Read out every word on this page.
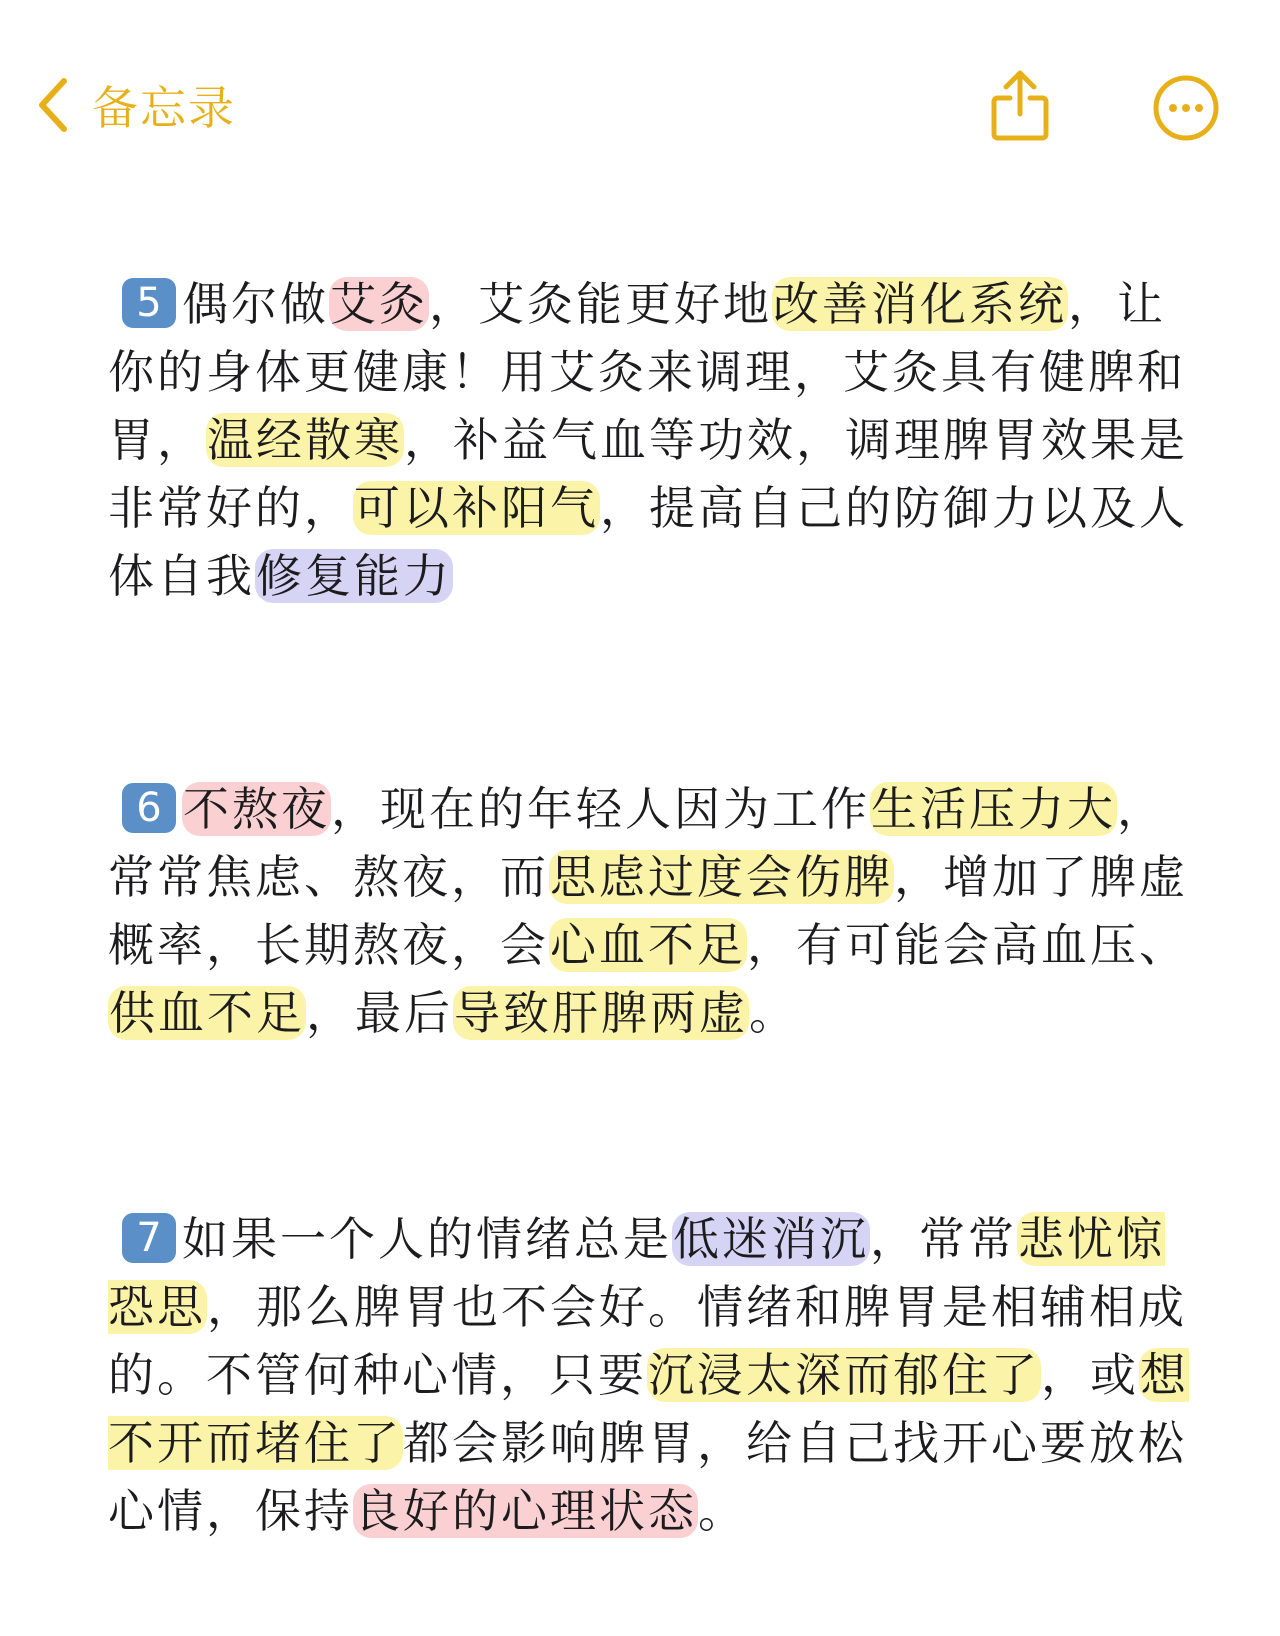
备忘录

5 偶尔做艾灸，艾灸能更好地改善消化系统，让你的身体更健康！用艾灸来调理，艾灸具有健脾和胃，温经散寒，补益气血等功效，调理脾胃效果是非常好的，可以补阳气，提高自己的防御力以及人体自我修复能力

6 不熬夜，现在的年轻人因为工作生活压力大，常常焦虑、熬夜，而思虑过度会伤脾，增加了脾虚概率，长期熬夜，会心血不足，有可能会高血压、供血不足，最后导致肝脾两虚。

7 如果一个人的情绪总是低迷消沉，常常悲忧惊恐思，那么脾胃也不会好。情绪和脾胃是相辅相成的。不管何种心情，只要沉浸太深而郁住了，或想不开而堵住了都会影响脾胃，给自己找开心要放松心情，保持良好的心理状态。
